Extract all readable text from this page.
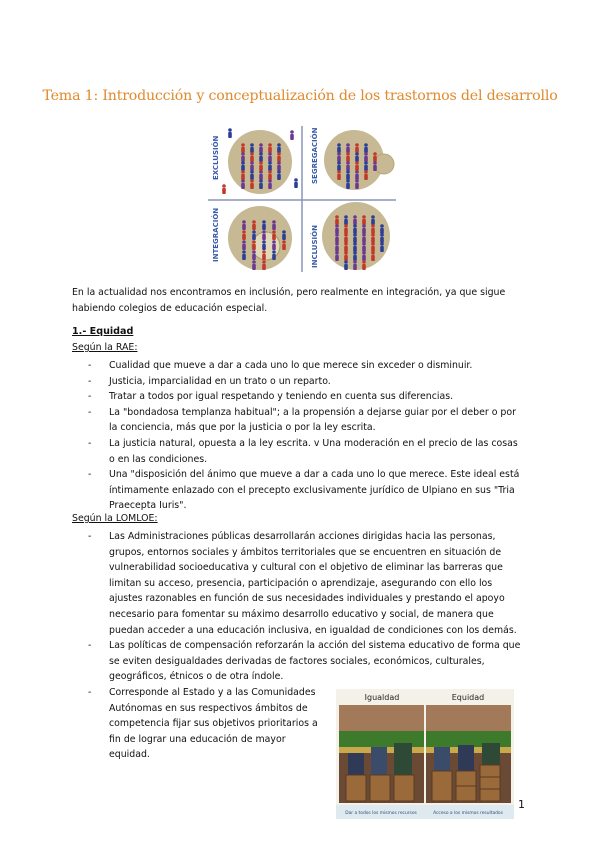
Tema 1: Introducción y conceptualización de los trastornos del desarrollo
EXCLUSIÓN	SEGREGACIÓN
INTEGRACIÓN	INCLUSIÓN
En la actualidad nos encontramos en inclusión, pero realmente en integración, ya que sigue habiendo colegios de educación especial.
1.- Equidad
Según la RAE:
- Cualidad que mueve a dar a cada uno lo que merece sin exceder o disminuir.
- Justicia, imparcialidad en un trato o un reparto.
- Tratar a todos por igual respetando y teniendo en cuenta sus diferencias.
- La "bondadosa templanza habitual"; a la propensión a dejarse guiar por el deber o por la conciencia, más que por la justicia o por la ley escrita.
- La justicia natural, opuesta a la ley escrita. v Una moderación en el precio de las cosas o en las condiciones.
- Una "disposición del ánimo que mueve a dar a cada uno lo que merece. Este ideal está íntimamente enlazado con el precepto exclusivamente jurídico de Ulpiano en sus "Tria Praecepta Iuris".
Según la LOMLOE:
- Las Administraciones públicas desarrollarán acciones dirigidas hacia las personas, grupos, entornos sociales y ámbitos territoriales que se encuentren en situación de vulnerabilidad socioeducativa y cultural con el objetivo de eliminar las barreras que limitan su acceso, presencia, participación o aprendizaje, asegurando con ello los ajustes razonables en función de sus necesidades individuales y prestando el apoyo necesario para fomentar su máximo desarrollo educativo y social, de manera que puedan acceder a una educación inclusiva, en igualdad de condiciones con los demás.
- Las políticas de compensación reforzarán la acción del sistema educativo de forma que se eviten desigualdades derivadas de factores sociales, económicos, culturales, geográficos, étnicos o de otra índole.
- Corresponde al Estado y a las Comunidades Autónomas en sus respectivos ámbitos de competencia fijar sus objetivos prioritarios a fin de lograr una educación de mayor equidad.
Igualdad	Equidad
Dar a todos los mismos recursos	Acceso a los mismos resultados
1
